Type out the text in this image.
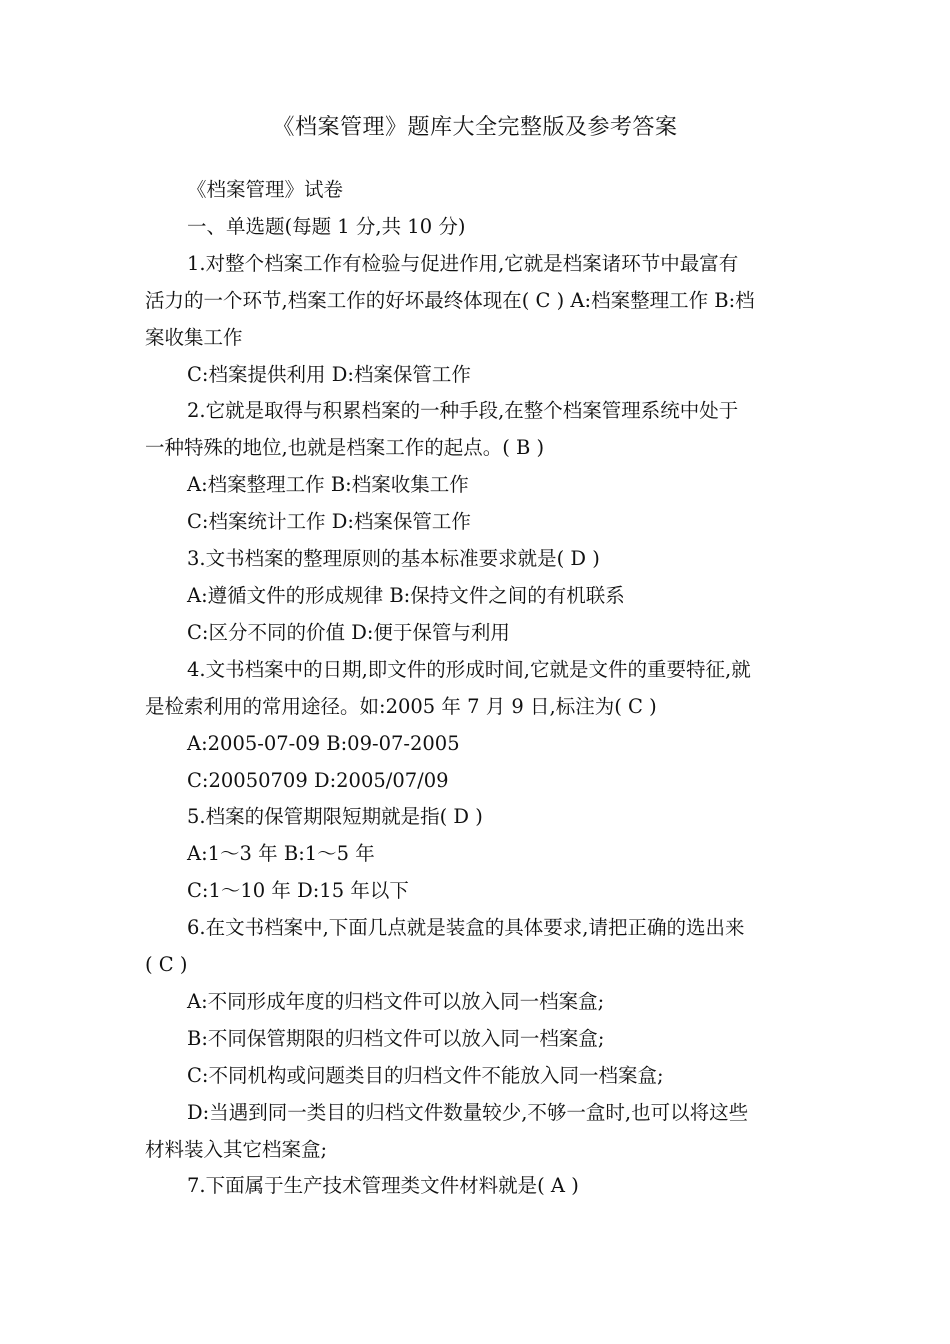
《档案管理》题库大全完整版及参考答案
《档案管理》试卷
一、单选题(每题 1 分,共 10 分)
1.对整个档案工作有检验与促进作用,它就是档案诸环节中最富有
活力的一个环节,档案工作的好坏最终体现在( C ) A:档案整理工作 B:档
案收集工作
C:档案提供利用 D:档案保管工作
2.它就是取得与积累档案的一种手段,在整个档案管理系统中处于
一种特殊的地位,也就是档案工作的起点。( B )
A:档案整理工作 B:档案收集工作
C:档案统计工作 D:档案保管工作
3.文书档案的整理原则的基本标准要求就是( D )
A:遵循文件的形成规律 B:保持文件之间的有机联系
C:区分不同的价值 D:便于保管与利用
4.文书档案中的日期,即文件的形成时间,它就是文件的重要特征,就
是检索利用的常用途径。如:2005 年 7 月 9 日,标注为( C )
A:2005-07-09 B:09-07-2005
C:20050709 D:2005/07/09
5.档案的保管期限短期就是指( D )
A:1～3 年 B:1～5 年
C:1～10 年 D:15 年以下
6.在文书档案中,下面几点就是装盒的具体要求,请把正确的选出来
( C )
A:不同形成年度的归档文件可以放入同一档案盒;
B:不同保管期限的归档文件可以放入同一档案盒;
C:不同机构或问题类目的归档文件不能放入同一档案盒;
D:当遇到同一类目的归档文件数量较少,不够一盒时,也可以将这些
材料装入其它档案盒;
7.下面属于生产技术管理类文件材料就是( A )
